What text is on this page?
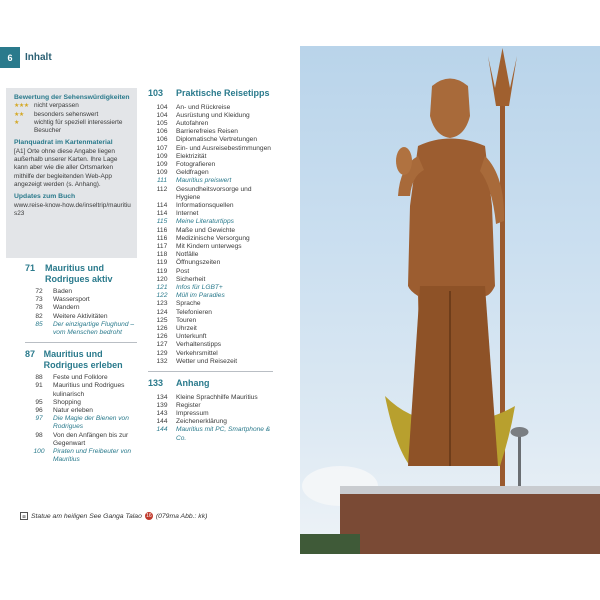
6	Inhalt
Bewertung der Sehenswürdigkeiten
★★★ nicht verpassen
★★	besonders sehenswert
★	wichtig für speziell interessierte Besucher
Planquadrat im Kartenmaterial
[A1] Orte ohne diese Angabe liegen außerhalb unserer Karten. Ihre Lage kann aber wie die aller Ortsmarken mithilfe der begleitenden Web-App angezeigt werden (s. Anhang).
Updates zum Buch
www.reise-know-how.de/inseltrip/mauritius23
71	Mauritius und Rodrigues aktiv
72	Baden
73	Wassersport
78	Wandern
82	Weitere Aktivitäten
85	Der einzigartige Flughund – vom Menschen bedroht
87 Mauritius und Rodrigues erleben
88	Feste und Folklore
91	Mauritius und Rodrigues kulinarisch
95	Shopping
96	Natur erleben
97	Die Magie der Bienen von Rodrigues
98	Von den Anfängen bis zur Gegenwart
100	Piraten und Freibeuter von Mauritius
103	Praktische Reisetipps
104	An- und Rückreise
104	Ausrüstung und Kleidung
105	Autofahren
106	Barrierefreies Reisen
106	Diplomatische Vertretungen
107	Ein- und Ausreisebestimmungen
109	Elektrizität
109	Fotografieren
109	Geldfragen
111	Mauritius preiswert
112	Gesundheitsvorsorge und Hygiene
114	Informationsquellen
114	Internet
115	Meine Literaturtipps
116	Maße und Gewichte
116	Medizinische Versorgung
117	Mit Kindern unterwegs
118	Notfälle
119	Öffnungszeiten
119	Post
120	Sicherheit
121	Infos für LGBT+
122	Müll im Paradies
123	Sprache
124	Telefonieren
125	Touren
126	Uhrzeit
126	Unterkunft
127	Verhaltenstipps
129	Verkehrsmittel
132	Wetter und Reisezeit
133	Anhang
134	Kleine Sprachhilfe Mauritius
139	Register
143	Impressum
144	Zeichenerklärung
144	Mauritius mit PC, Smartphone & Co.
⊠ Statue am heiligen See Ganga Talao 16 (079ma Abb.: kk)
